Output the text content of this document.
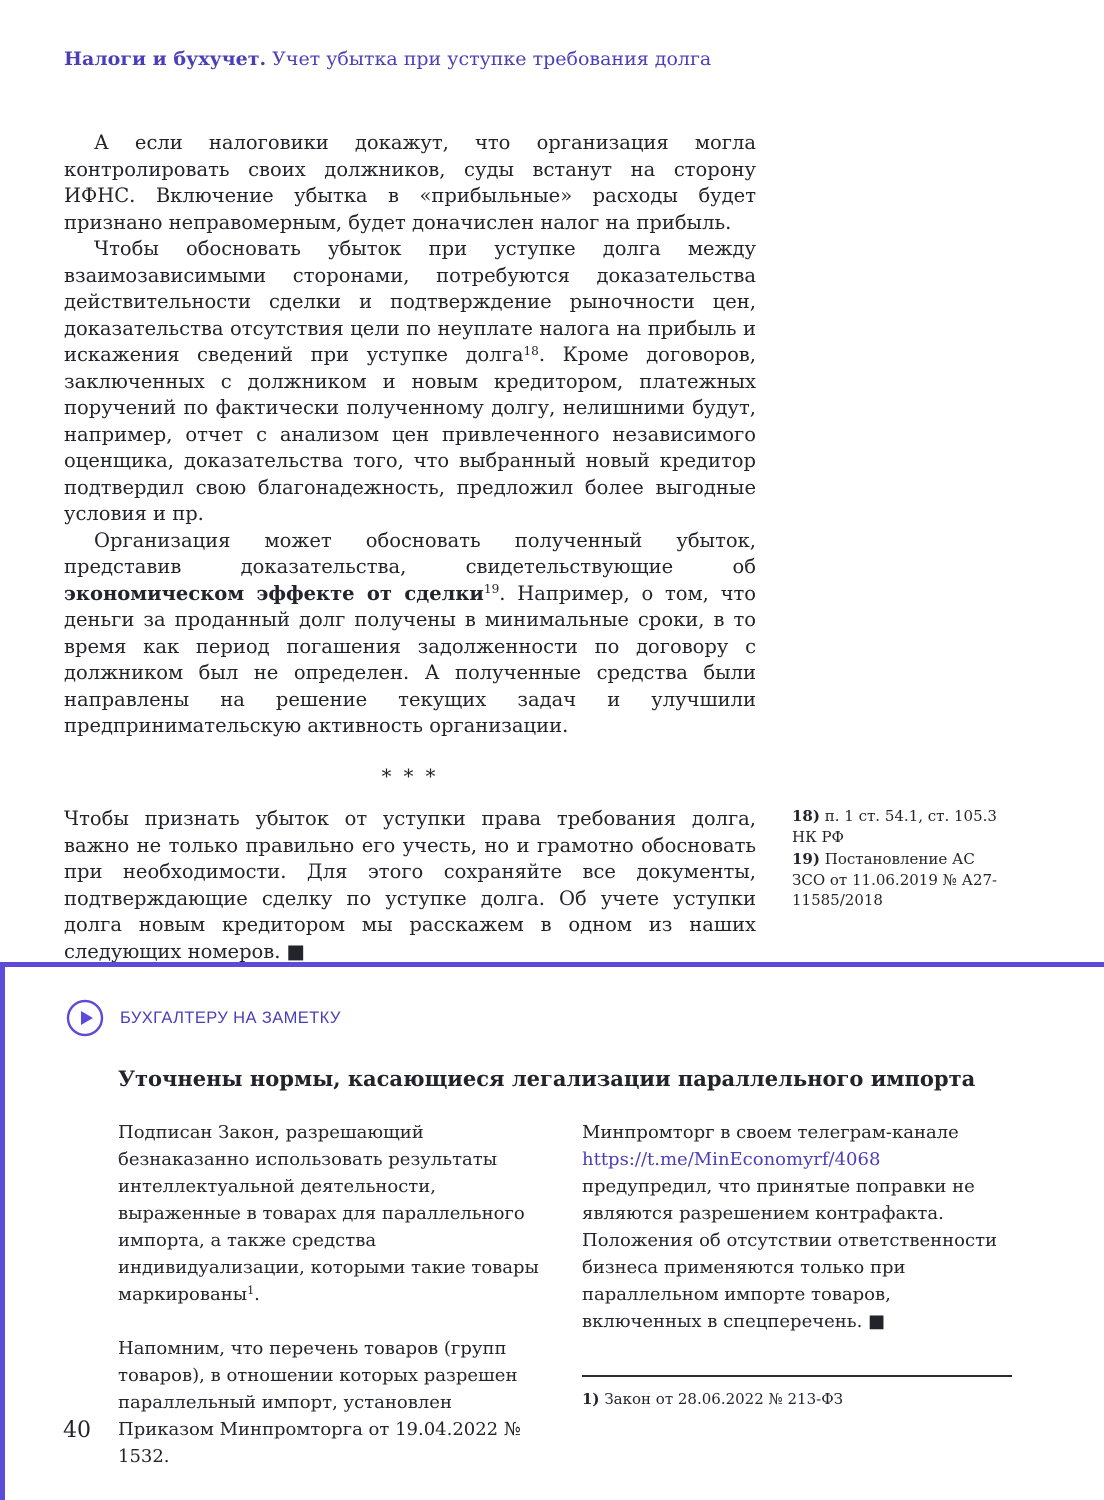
Налоги и бухучет. Учет убытка при уступке требования долга

А если налоговики докажут, что организация могла контролировать своих должников, суды встанут на сторону ИФНС. Включение убытка в «прибыльные» расходы будет признано неправомерным, будет доначислен налог на прибыль.

Чтобы обосновать убыток при уступке долга между взаимозависимыми сторонами, потребуются доказательства действительности сделки и подтверждение рыночности цен, доказательства отсутствия цели по неуплате налога на прибыль и искажения сведений при уступке долга$^{18}$. Кроме договоров, заключенных с должником и новым кредитором, платежных поручений по фактически полученному долгу, нелишними будут, например, отчет с анализом цен привлеченного независимого оценщика, доказательства того, что выбранный новый кредитор подтвердил свою благонадежность, предложил более выгодные условия и пр.

Организация может обосновать полученный убыток, представив доказательства, свидетельствующие об экономическом эффекте от сделки$^{19}$. Например, о том, что деньги за проданный долг получены в минимальные сроки, в то время как период погашения задолженности по договору с должником был не определен. А полученные средства были направлены на решение текущих задач и улучшили предпринимательскую активность организации.

* * *

Чтобы признать убыток от уступки права требования долга, важно не только правильно его учесть, но и грамотно обосновать при необходимости. Для этого сохраняйте все документы, подтверждающие сделку по уступке долга. Об учете уступки долга новым кредитором мы расскажем в одном из наших следующих номеров. ■

18) п. 1 ст. 54.1, ст. 105.3 НК РФ
19) Постановление АС ЗСО от 11.06.2019 № А27-11585/2018
БУХГАЛТЕРУ НА ЗАМЕТКУ
Уточнены нормы, касающиеся легализации параллельного импорта

Подписан Закон, разрешающий безнаказанно использовать результаты интеллектуальной деятельности, выраженные в товарах для параллельного импорта, а также средства индивидуализации, которыми такие товары маркированы$^1$.

Напомним, что перечень товаров (групп товаров), в отношении которых разрешен параллельный импорт, установлен Приказом Минпромторга от 19.04.2022 № 1532.

Минпромторг в своем телеграм-канале https://t.me/MinEconomyrf/4068 предупредил, что принятые поправки не являются разрешением контрафакта. Положения об отсутствии ответственности бизнеса применяются только при параллельном импорте товаров, включенных в спецперечень. ■

1) Закон от 28.06.2022 № 213-ФЗ

40
